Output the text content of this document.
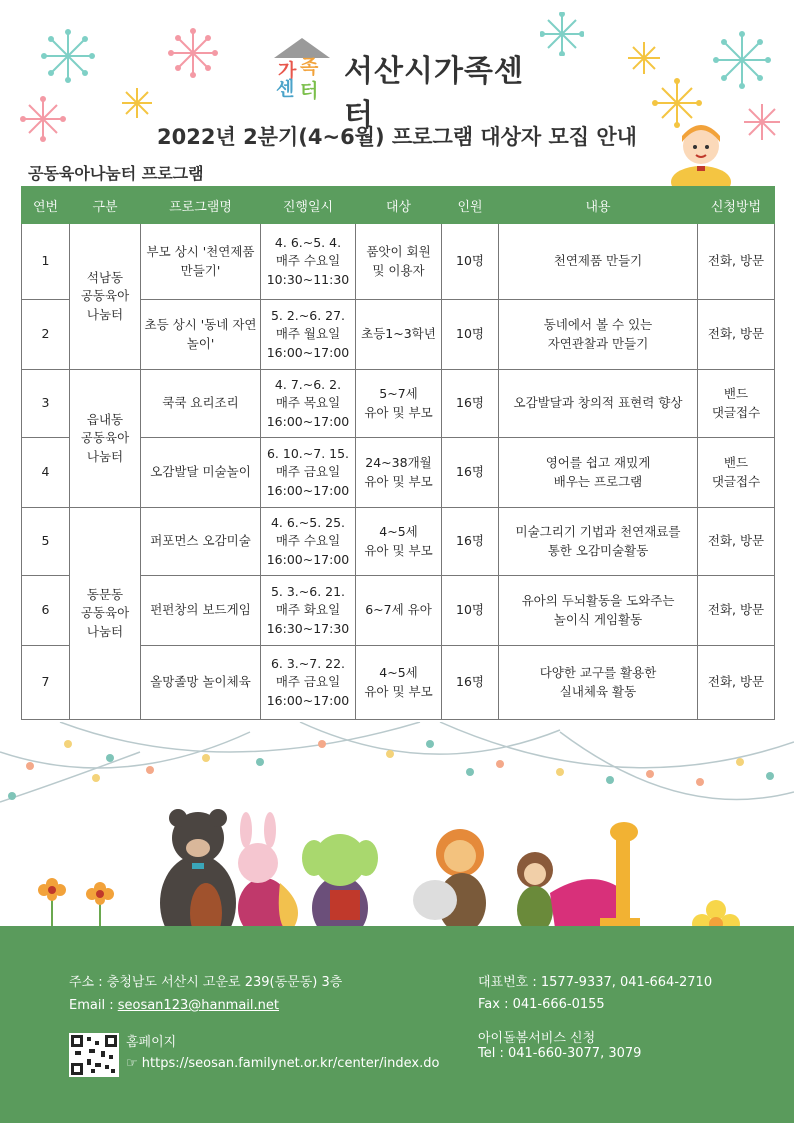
가 족
센 터
서산시가족센터
2022년 2분기(4~6월) 프로그램 대상자 모집 안내
공동육아나눔터 프로그램
연번	구분	프로그램명	진행일시	대상	인원	내용	신청방법
1	석남동
공동육아
나눔터	부모 상시 '천연제품 만들기'	4. 6.~5. 4.
매주 수요일
10:30~11:30	품앗이 회원
및 이용자	10명	천연제품 만들기	전화, 방문
2		초등 상시 '동네 자연놀이'	5. 2.~6. 27.
매주 월요일
16:00~17:00	초등1~3학년	10명	동네에서 볼 수 있는
자연관찰과 만들기	전화, 방문
3	읍내동
공동육아
나눔터	쿡쿡 요리조리	4. 7.~6. 2.
매주 목요일
16:00~17:00	5~7세
유아 및 부모	16명	오감발달과 창의적 표현력 향상	밴드
댓글접수
4		오감발달 미술놀이	6. 10.~7. 15.
매주 금요일
16:00~17:00	24~38개월
유아 및 부모	16명	영어를 쉽고 재밌게
배우는 프로그램	밴드
댓글접수
5	동문동
공동육아
나눔터	퍼포먼스 오감미술	4. 6.~5. 25.
매주 수요일
16:00~17:00	4~5세
유아 및 부모	16명	미술그리기 기법과 천연재료를
통한 오감미술활동	전화, 방문
6		펀펀창의 보드게임	5. 3.~6. 21.
매주 화요일
16:30~17:30	6~7세 유아	10명	유아의 두뇌활동을 도와주는
놀이식 게임활동	전화, 방문
7		올망졸망 놀이체육	6. 3.~7. 22.
매주 금요일
16:00~17:00	4~5세
유아 및 부모	16명	다양한 교구를 활용한
실내체육 활동	전화, 방문
주소 : 충청남도 서산시 고운로 239(동문동) 3층
Email : seosan123@hanmail.net
홈페이지
☞ https://seosan.familynet.or.kr/center/index.do
대표번호 : 1577-9337, 041-664-2710
Fax : 041-666-0155
아이돌봄서비스 신청
Tel : 041-660-3077, 3079
